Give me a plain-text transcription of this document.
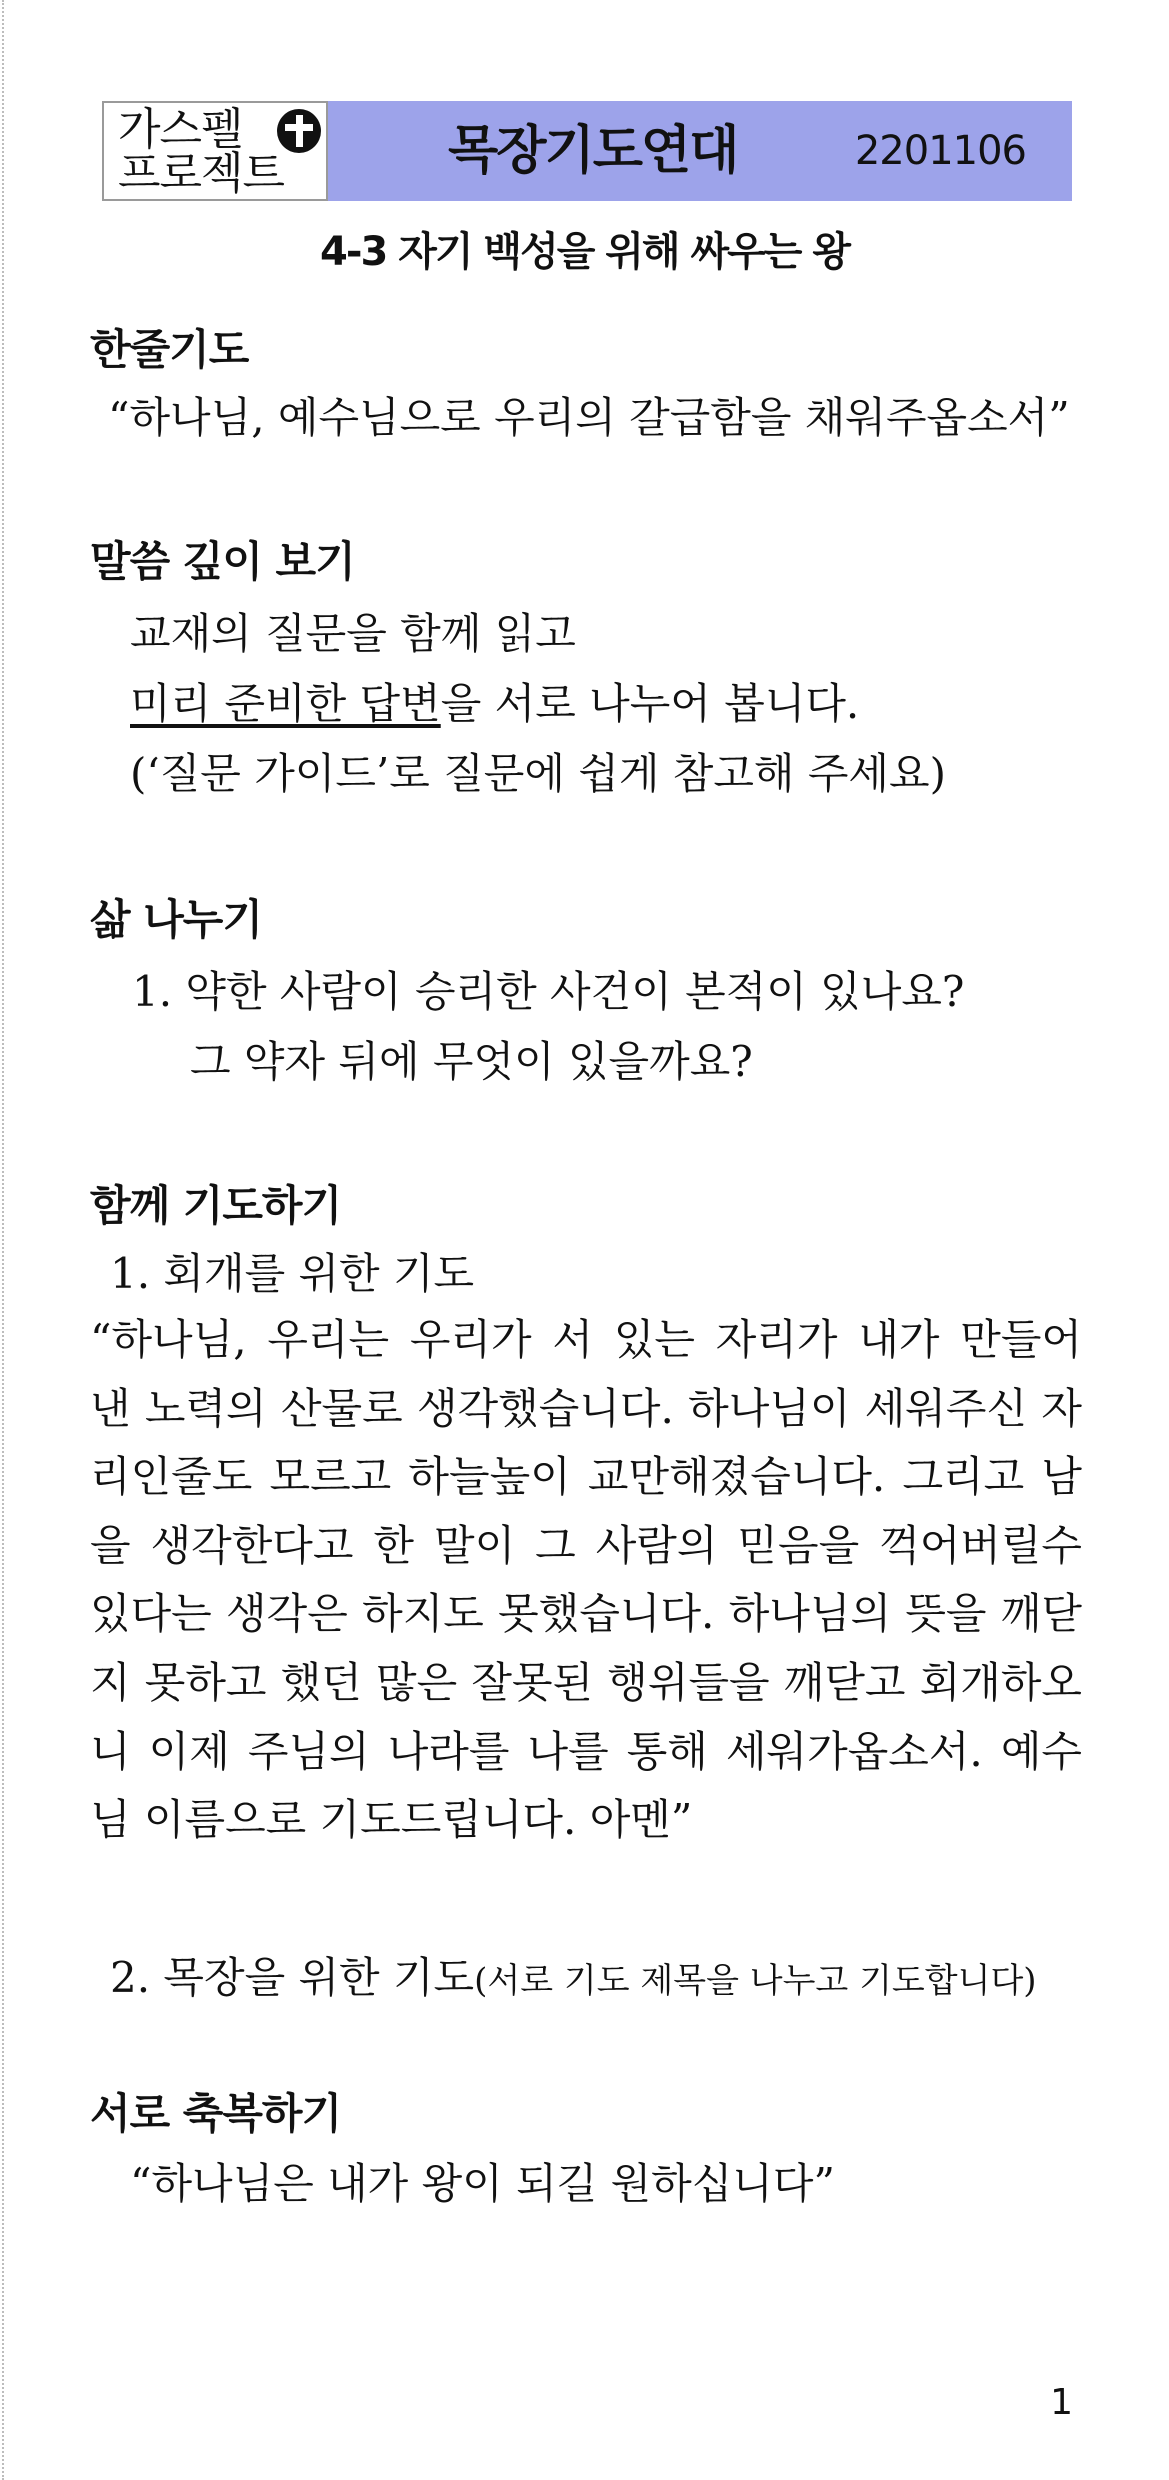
가스펠
프로젝트	목장기도연대	2201106
4-3 자기 백성을 위해 싸우는 왕
한줄기도
“하나님, 예수님으로 우리의 갈급함을 채워주옵소서”
말씀 깊이 보기
교재의 질문을 함께 읽고
미리 준비한 답변을 서로 나누어 봅니다.
(‘질문 가이드’로 질문에 쉽게 참고해 주세요)
삶 나누기
1. 약한 사람이 승리한 사건이 본적이 있나요?
그 약자 뒤에 무엇이 있을까요?
함께 기도하기
1. 회개를 위한 기도
“하나님, 우리는 우리가 서 있는 자리가 내가 만들어 낸 노력의 산물로 생각했습니다. 하나님이 세워주신 자리인줄도 모르고 하늘높이 교만해졌습니다. 그리고 남을 생각한다고 한 말이 그 사람의 믿음을 꺽어버릴수 있다는 생각은 하지도 못했습니다. 하나님의 뜻을 깨닫지 못하고 했던 많은 잘못된 행위들을 깨닫고 회개하오니 이제 주님의 나라를 나를 통해 세워가옵소서. 예수님 이름으로 기도드립니다. 아멘”
2. 목장을 위한 기도(서로 기도 제목을 나누고 기도합니다)
서로 축복하기
“하나님은 내가 왕이 되길 원하십니다”
1
